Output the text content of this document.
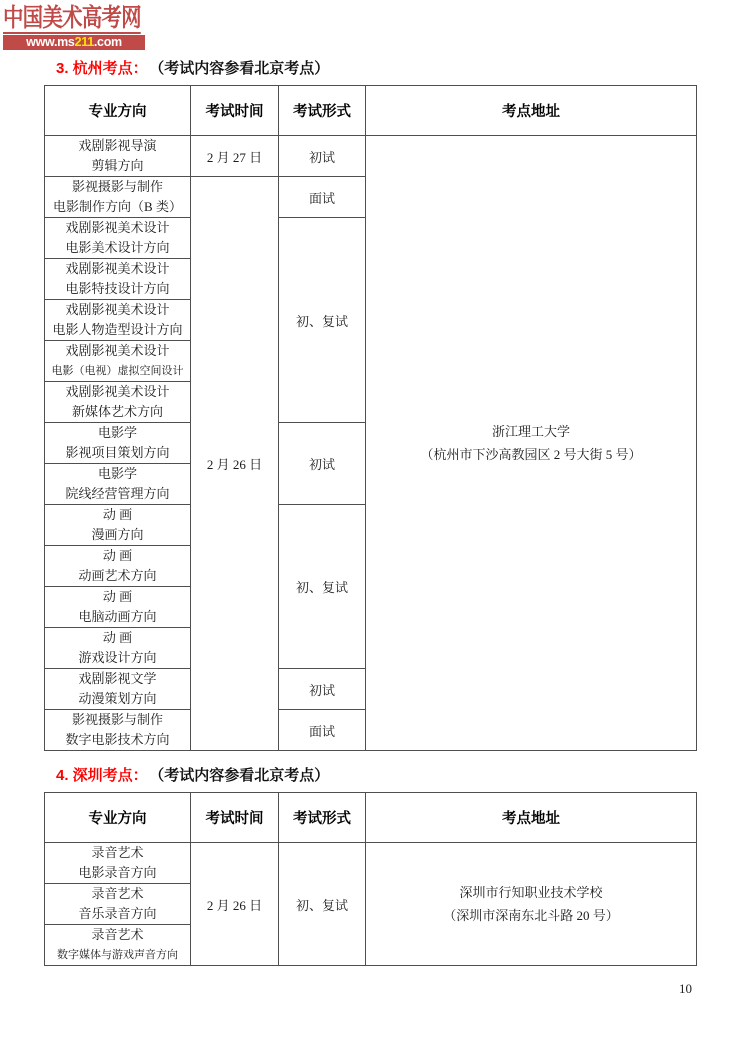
中国美术高考网
www.ms211.com
3. 杭州考点： （考试内容参看北京考点）
专业方向	考试时间	考试形式	考点地址

戏剧影视导演
剪辑方向
	2 月 27 日	初试	
浙江理工大学
（杭州市下沙高教园区 2 号大街 5 号）

影视摄影与制作
电影制作方向（B 类）	2 月 26 日	面试	

戏剧影视美术设计
电影美术设计方向		初、复试	

戏剧影视美术设计
电影特技设计方向			

戏剧影视美术设计
电影人物造型设计方向			

戏剧影视美术设计
电影（电视）虚拟空间设计			

戏剧影视美术设计
新媒体艺术方向			

电影学
影视项目策划方向		初试	

电影学
院线经营管理方向			

动 画
漫画方向		初、复试	

动 画
动画艺术方向			

动 画
电脑动画方向			

动 画
游戏设计方向			

戏剧影视文学
动漫策划方向		初试	

影视摄影与制作
数字电影技术方向		面试	
4. 深圳考点： （考试内容参看北京考点）
专业方向	考试时间	考试形式	考点地址

录音艺术
电影录音方向
	2 月 26 日	初、复试	
深圳市行知职业技术学校
（深圳市深南东北斗路 20 号）

录音艺术
音乐录音方向			

录音艺术
数字媒体与游戏声音方向			
10
